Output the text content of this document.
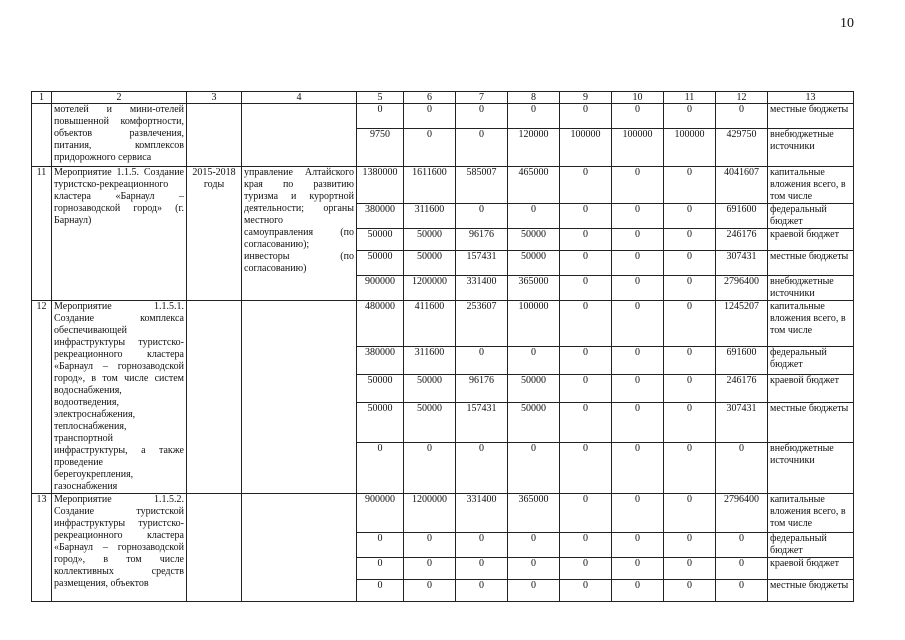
10
1	2	3	4	5	6	7	8	9	10	11	12	13
	мотелей и мини-отелей повышенной комфортности, объектов развлечения, питания, комплексов придорожного сервиса			0	0	0	0	0	0	0	0	местные бюджеты
				9750	0	0	120000	100000	100000	100000	429750	внебюджетные источники
11	Мероприятие 1.1.5. Создание туристско-рекреационного кластера «Барнаул – горнозаводской город» (г. Барнаул)	2015-2018 годы	управление Алтайского края по развитию туризма и курортной деятельности; органы местного самоуправления (по согласованию); инвесторы (по согласованию)	1380000	1611600	585007	465000	0	0	0	4041607	капитальные вложения всего, в том числе
				380000	311600	0	0	0	0	0	691600	федеральный бюджет
				50000	50000	96176	50000	0	0	0	246176	краевой бюджет
				50000	50000	157431	50000	0	0	0	307431	местные бюджеты
				900000	1200000	331400	365000	0	0	0	2796400	внебюджетные источники
12	Мероприятие 1.1.5.1. Создание комплекса обеспечивающей инфраструктуры туристско-рекреационного кластера «Барнаул – горнозаводской город», в том числе систем водоснабжения, водоотведения, электроснабжения, теплоснабжения, транспортной инфраструктуры, а также проведение берегоукрепления, газоснабжения			480000	411600	253607	100000	0	0	0	1245207	капитальные вложения всего, в том числе
				380000	311600	0	0	0	0	0	691600	федеральный бюджет
				50000	50000	96176	50000	0	0	0	246176	краевой бюджет
				50000	50000	157431	50000	0	0	0	307431	местные бюджеты
				0	0	0	0	0	0	0	0	внебюджетные источники
13	Мероприятие 1.1.5.2. Создание туристской инфраструктуры туристско-рекреационного кластера «Барнаул – горнозаводской город», в том числе коллективных средств размещения, объектов			900000	1200000	331400	365000	0	0	0	2796400	капитальные вложения всего, в том числе
				0	0	0	0	0	0	0	0	федеральный бюджет
				0	0	0	0	0	0	0	0	краевой бюджет
				0	0	0	0	0	0	0	0	местные бюджеты
